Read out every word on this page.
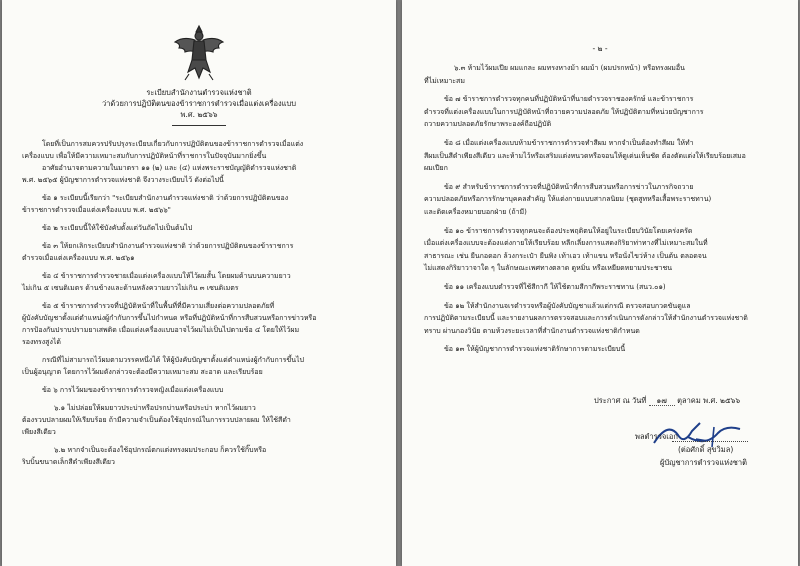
ระเบียบสำนักงานตำรวจแห่งชาติ
ว่าด้วยการปฏิบัติตนของข้าราชการตำรวจเมื่อแต่งเครื่องแบบ
พ.ศ. ๒๕๖๖
โดยที่เป็นการสมควรปรับปรุงระเบียบเกี่ยวกับการปฏิบัติตนของข้าราชการตำรวจเมื่อแต่ง
เครื่องแบบ เพื่อให้มีความเหมาะสมกับการปฏิบัติหน้าที่ราชการในปัจจุบันมากยิ่งขึ้น
อาศัยอำนาจตามความในมาตรา ๑๑ (๒) และ (๔) แห่งพระราชบัญญัติตำรวจแห่งชาติ
พ.ศ. ๒๕๖๕ ผู้บัญชาการตำรวจแห่งชาติ จึงวางระเบียบไว้ ดังต่อไปนี้
ข้อ ๑ ระเบียบนี้เรียกว่า "ระเบียบสำนักงานตำรวจแห่งชาติ ว่าด้วยการปฏิบัติตนของ
ข้าราชการตำรวจเมื่อแต่งเครื่องแบบ พ.ศ. ๒๕๖๖"
ข้อ ๒ ระเบียบนี้ให้ใช้บังคับตั้งแต่วันถัดไปเป็นต้นไป
ข้อ ๓ ให้ยกเลิกระเบียบสำนักงานตำรวจแห่งชาติ ว่าด้วยการปฏิบัติตนของข้าราชการ
ตำรวจเมื่อแต่งเครื่องแบบ พ.ศ. ๒๕๖๑
ข้อ ๔ ข้าราชการตำรวจชายเมื่อแต่งเครื่องแบบให้ไว้ผมสั้น โดยผมด้านบนความยาว
ไม่เกิน ๕ เซนติเมตร ด้านข้างและด้านหลังความยาวไม่เกิน ๓ เซนติเมตร
ข้อ ๕ ข้าราชการตำรวจที่ปฏิบัติหน้าที่ในพื้นที่ที่มีความเสี่ยงต่อความปลอดภัยที่
ผู้บังคับบัญชาตั้งแต่ตำแหน่งผู้กำกับการขึ้นไปกำหนด หรือที่ปฏิบัติหน้าที่การสืบสวนหรือการข่าวหรือ
การป้องกันปราบปรามยาเสพติด เมื่อแต่งเครื่องแบบอาจไว้ผมไม่เป็นไปตามข้อ ๔ โดยให้ไว้ผม
รองทรงสูงได้
กรณีที่ไม่สามารถไว้ผมตามวรรคหนึ่งได้ ให้ผู้บังคับบัญชาตั้งแต่ตำแหน่งผู้กำกับการขึ้นไป
เป็นผู้อนุญาต โดยการไว้ผมดังกล่าวจะต้องมีความเหมาะสม สะอาด และเรียบร้อย
ข้อ ๖ การไว้ผมของข้าราชการตำรวจหญิงเมื่อแต่งเครื่องแบบ
๖.๑ ไม่ปล่อยให้ผมยาวประบ่าหรือปรกบ่านหรือประบ่า หากไว้ผมยาว
ต้องรวบปลายผมให้เรียบร้อย ถ้ามีความจำเป็นต้องใช้อุปกรณ์ในการรวบปลายผม ให้ใช้สีดำ
เพียงสีเดียว
๖.๒ หากจำเป็นจะต้องใช้อุปกรณ์ตกแต่งทรงผมประกอบ ก็ควรใช้กิ๊บหรือ
ริบบิ้นขนาดเล็กสีดำเพียงสีเดียว
- ๒ -
๖.๓ ห้ามไว้ผมเปีย ผมแกละ ผมทรงหางม้า ผมม้า (ผมปรกหน้า) หรือทรงผมอื่น
ที่ไม่เหมาะสม
ข้อ ๗ ข้าราชการตำรวจทุกคนที่ปฏิบัติหน้าที่นายตำรวจราชองครักษ์ และข้าราชการ
ตำรวจที่แต่งเครื่องแบบในการปฏิบัติหน้าที่ถวายความปลอดภัย ให้ปฏิบัติตามที่หน่วยบัญชาการ
ถวายความปลอดภัยรักษาพระองค์ถือปฏิบัติ
ข้อ ๘ เมื่อแต่งเครื่องแบบห้ามข้าราชการตำรวจทำสีผม หากจำเป็นต้องทำสีผม ให้ทำ
สีผมเป็นสีดำเพียงสีเดียว และห้ามไว้หรือเสริมแต่งหนวดหรือจอนให้ดูเด่นเห็นชัด ต้องตัดแต่งให้เรียบร้อยเสมอ
ผมเปียก
ข้อ ๙ สำหรับข้าราชการตำรวจที่ปฏิบัติหน้าที่การสืบสวนหรือการข่าวในภารกิจถวาย
ความปลอดภัยหรือการรักษาบุคคลสำคัญ ให้แต่งกายแบบสากลนิยม (ชุดสูทหรือเสื้อพระราชทาน)
และติดเครื่องหมายบอกฝ่าย (ถ้ามี)
ข้อ ๑๐ ข้าราชการตำรวจทุกคนจะต้องประพฤติตนให้อยู่ในระเบียบวินัยโดยเคร่งครัด
เมื่อแต่งเครื่องแบบจะต้องแต่งกายให้เรียบร้อย หลีกเลี่ยงการแสดงกิริยาท่าทางที่ไม่เหมาะสมในที่
สาธารณะ เช่น ยืนกอดอก ล้วงกระเป๋า ยืนพิง เท้าเอว เท้าแขน หรือนั่งไขว่ห้าง เป็นต้น ตลอดจน
ไม่แสดงกิริยาวาจาใด ๆ ในลักษณะเพศทางตลาด ดูหมิ่น หรือเหยียดหยามประชาชน
ข้อ ๑๑ เครื่องแบบตำรวจที่ใช้สีกากี ให้ใช้ตามสีกากีพระราชทาน (สนว.๐๑)
ข้อ ๑๒ ให้สำนักงานจเรตำรวจหรือผู้บังคับบัญชาแล้วแต่กรณี ตรวจสอบกวดขันดูแล
การปฏิบัติตามระเบียบนี้ และรายงานผลการตรวจสอบและการดำเนินการดังกล่าวให้สำนักงานตำรวจแห่งชาติ
ทราบ ผ่านกองวินัย ตามห้วงระยะเวลาที่สำนักงานตำรวจแห่งชาติกำหนด
ข้อ ๑๓ ให้ผู้บัญชาการตำรวจแห่งชาติรักษาการตามระเบียบนี้
ประกาศ ณ วันที่ ๑๗ ตุลาคม พ.ศ. ๒๕๖๖
พลตำรวจเอก
(ต่อศักดิ์ สุขวิมล)
ผู้บัญชาการตำรวจแห่งชาติ
